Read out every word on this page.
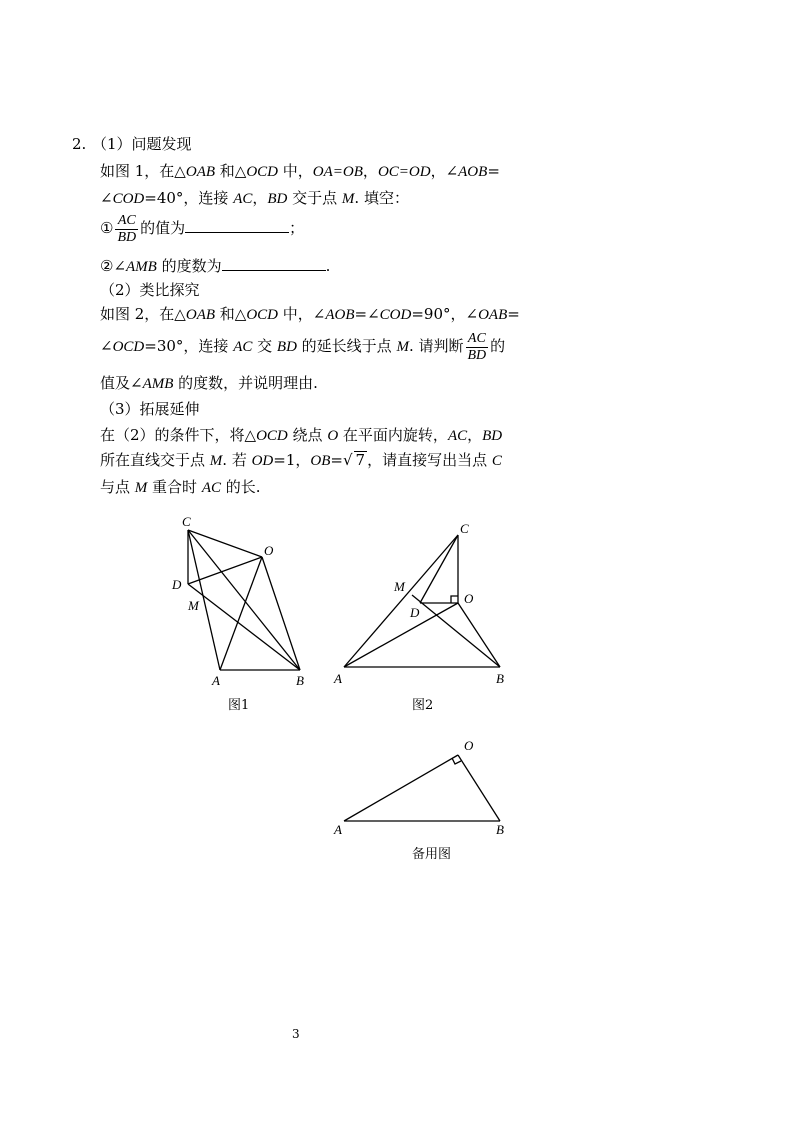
2. （1）问题发现
如图 1，在△OAB 和△OCD 中，OA=OB，OC=OD，∠AOB=
∠COD=40°，连接 AC，BD 交于点 M. 填空：
① $\frac{AC}{BD}$ 的值为	；
②∠AMB 的度数为	.
（2）类比探究
如图 2，在△OAB 和△OCD 中，∠AOB=∠COD=90°，∠OAB=
∠OCD=30°，连接 AC 交 BD 的延长线于点 M. 请判断 $\frac{AC}{BD}$ 的
值及∠AMB 的度数，并说明理由.
（3）拓展延伸
在（2）的条件下，将△OCD 绕点 O 在平面内旋转，AC，BD
所在直线交于点 M. 若 OD=1，OB=√ 7 ，请直接写出当点 C
与点 M 重合时 AC 的长.
C
O
D
M
A	B
图1
C
O
M
D
A	B
图2
O
A	B
备用图
3
